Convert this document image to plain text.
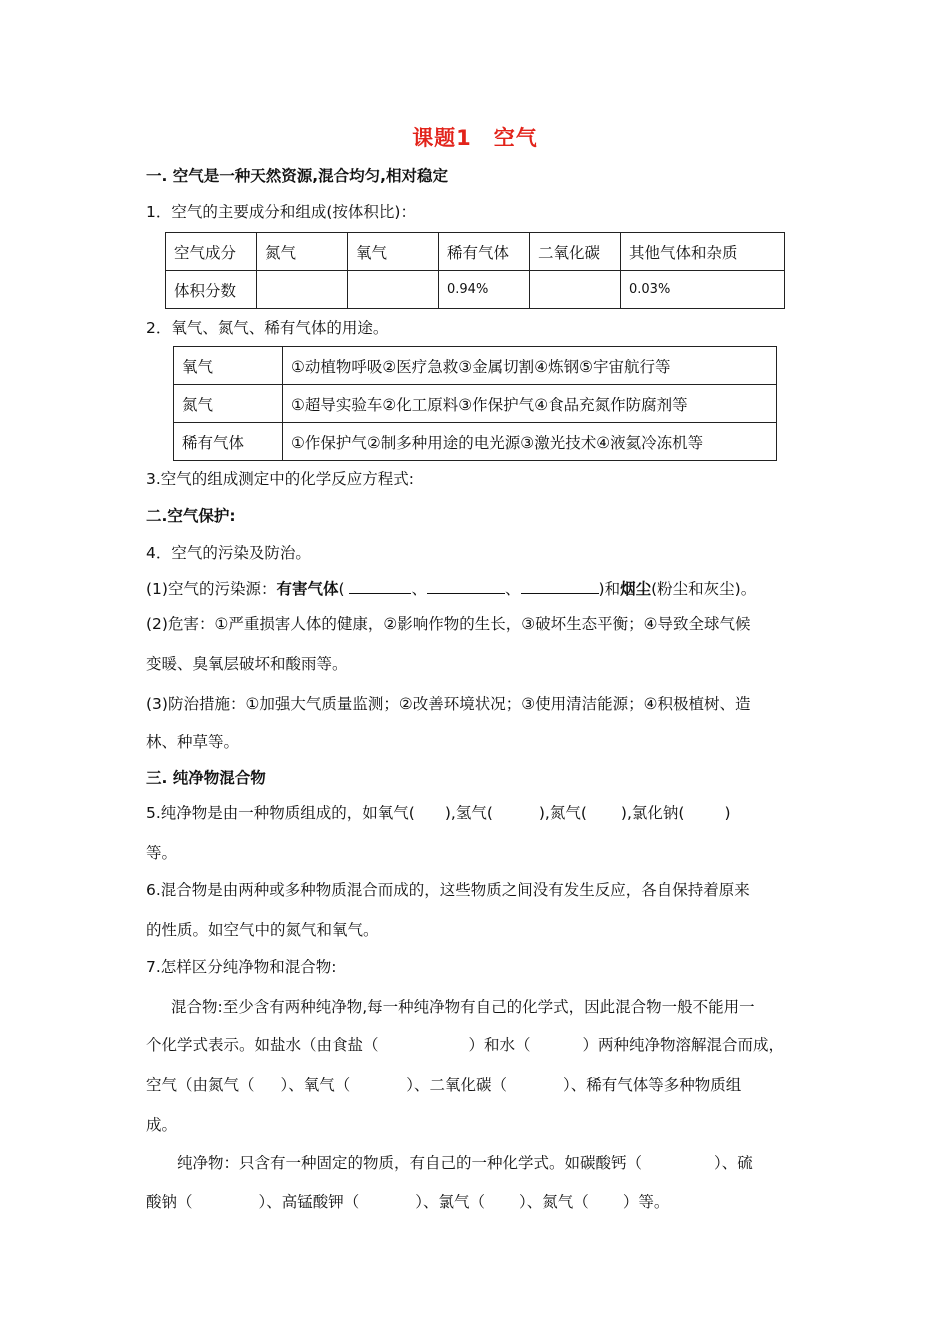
课题1　空气
一. 空气是一种天然资源,混合均匀,相对稳定
1．空气的主要成分和组成(按体积比)：
空气成分	氮气	氧气	稀有气体	二氧化碳	其他气体和杂质
体积分数			0.94%		0.03%
2．氧气、氮气、稀有气体的用途。
氧气	①动植物呼吸②医疗急救③金属切割④炼钢⑤宇宙航行等
氮气	①超导实验车②化工原料③作保护气④食品充氮作防腐剂等
稀有气体	①作保护气②制多种用途的电光源③激光技术④液氦冷冻机等
3.空气的组成测定中的化学反应方程式:
二.空气保护:
4．空气的污染及防治。
(1)空气的污染源：有害气体(	、	、	)和烟尘(粉尘和灰尘)。
(2)危害：①严重损害人体的健康，②影响作物的生长，③破坏生态平衡；④导致全球气候
变暖、臭氧层破坏和酸雨等。
(3)防治措施：①加强大气质量监测；②改善环境状况；③使用清洁能源；④积极植树、造
林、种草等。
三. 纯净物混合物
5.纯净物是由一种物质组成的，如氧气( ),氢气(	),氮气( ),氯化钠(	)
等。
6.混合物是由两种或多种物质混合而成的，这些物质之间没有发生反应，各自保持着原来
的性质。如空气中的氮气和氧气。
7.怎样区分纯净物和混合物:
混合物:至少含有两种纯净物,每一种纯净物有自己的化学式，因此混合物一般不能用一
个化学式表示。如盐水（由食盐（	）和水（	）两种纯净物溶解混合而成，
空气（由氮气（ ）、氧气（	）、二氧化碳（	）、稀有气体等多种物质组
成。
纯净物：只含有一种固定的物质，有自己的一种化学式。如碳酸钙（	）、硫
酸钠（	）、高锰酸钾（	）、氯气（ ）、氮气（ ）等。
